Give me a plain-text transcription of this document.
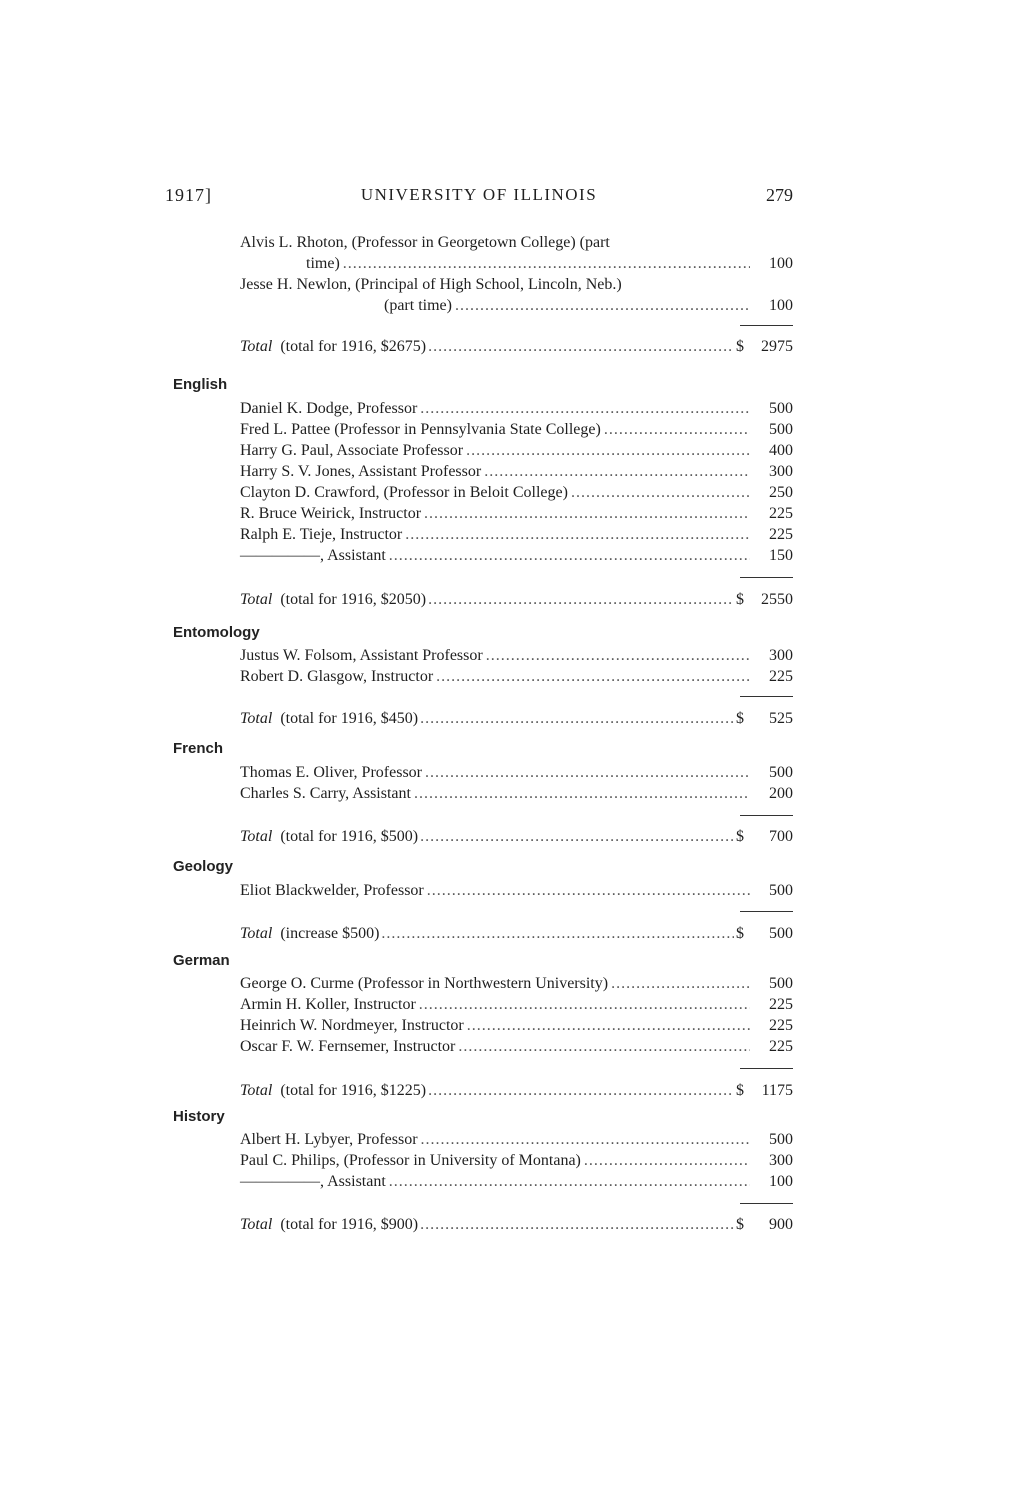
1917]	UNIVERSITY OF ILLINOIS	279
Alvis L. Rhoton, (Professor in Georgetown College) (part
time) .....	100
Jesse H. Newlon, (Principal of High School, Lincoln, Neb.)
(part time) .....	100
Total
(total for 1916, $2675) .....	$	2975
English
Daniel K. Dodge, Professor .....	500
Fred L. Pattee (Professor in Pennsylvania State College) .....	500
Harry G. Paul, Associate Professor .....	400
Harry S. V. Jones, Assistant Professor .....	300
Clayton D. Crawford, (Professor in Beloit College) .....	250
R. Bruce Weirick, Instructor .....	225
Ralph E. Tieje, Instructor .....	225
————— , Assistant .....	150
Total
(total for 1916, $2050) .....	$	2550
Entomology
Justus W. Folsom, Assistant Professor .....	300
Robert D. Glasgow, Instructor .....	225
Total
(total for 1916, $450) .....	$	525
French
Thomas E. Oliver, Professor .....	500
Charles S. Carry, Assistant .....	200
Total
(total for 1916, $500) .....	$	700
Geology
Eliot Blackwelder, Professor .....	500
Total
(increase $500) .....	$	500
German
George O. Curme (Professor in Northwestern University) .....	500
Armin H. Koller, Instructor .....	225
Heinrich W. Nordmeyer, Instructor .....	225
Oscar F. W. Fernsemer, Instructor .....	225
Total
(total for 1916, $1225) .....	$	1175
History
Albert H. Lybyer, Professor .....	500
Paul C. Philips, (Professor in University of Montana) .....	300
————— , Assistant .....	100
Total
(total for 1916, $900) .....	$	900
